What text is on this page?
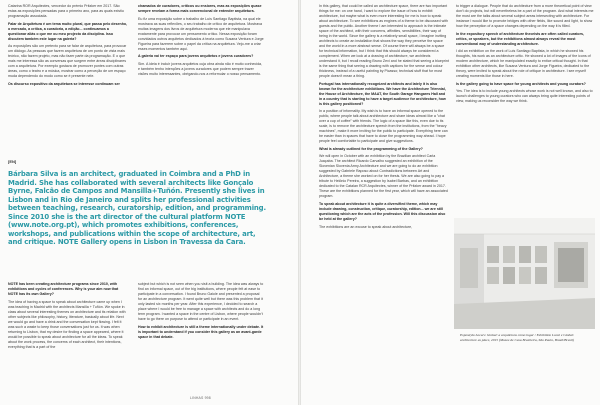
Catarina ROR Arquitectes, vencedor do prémio Pritzker em 2017. São estas as exposições pensadas para o primeiro ano, para as quais existiu programação associada.

Falar de Arquitetura é um tema muito plural, que passa pelo desenho, o mercado, a crítica, a curadoria, a edição... continuamos a questionar aliás o que me ou meu projecto da disciplina. Isso discutem também este lugar na galeria?

As exposições são um pretexto para se falar de arquitetura, para provocar um diálogo. As pessoas que fazem arquitetura de um ponto de vista mais teórico, não fazem projeto, mas não fazer parte da programação. E o que mais me interessa são as conversas que surgem entre áreas disciplinares com a arquitetura. Por exemplo gostava de promover pontes com outras áreas, como o teatro e a música, mostrar como a perceção de um espaço muda dependendo do modo como se é presente nele.

Os discurso expositivo da arquitetura se interesse continuam ser

chamados de curadores, críticos ou ensiores, mas as exposições quase sempre revelam a forma mais convencional de entender arquitetura.

Eu fiz uma exposição sobre o trabalho de Luís Santiago Baptista, na qual ele mostrava as suas reflexões, o seu trabalho de crítico de arquitetura. Mostrava muitas imagens dos livros de arquitetura moderna que ele manipulava exatamente para provocar um pensamento crítico. Nessa exposição foram convidados outros arquitetos dedicados à teoria como Susana Ventura e Jorge Figueira para fazerem sobre o papel da crítica na arquitetura. Vejo-me a criar esses momentos também aqui.

A galeria vai ter espaço para jovens arquitetos e jovens curadores?

Sim. A ideia é incluir jovens arquitetos cuja obra ainda não é muito conhecida, e também tenho intenções a jovens curadores que podem sempre trazer visões muito interessantes, obrigando-nos a reformular o nosso pensamento.

[EN]
Bárbara Silva is an architect, graduated in Coimbra and a PhD in Madrid. She has collaborated with several architects like Gonçalo Byrne, Falcão de Campos and Mansilla+Tuñón. Presently she lives in Lisbon and in Rio de Janeiro and splits her professional activities between teaching, research, curatorship, edition, and programming. Since 2010 she is the art director of the cultural platform NOTE (www.note.org.pt), which promotes exhibitions, conferences, workshops, and publications within the scope of architecture, art, and critique. NOTE Gallery opens in Lisbon in Travessa da Cara.

NOTE has been creating architecture programs since 2010, with exhibitions and cycles of conferences. Why is your aim now that NOTE has its own Gallery?

The idea of having a space to speak about architecture came up when I was teaching in Madrid with the architects Mansilla + Tuñón. We spoke in class about several interesting themes on architecture and its relation with other subjects like philosophy, history, literature, basically about life. Next we would go and have a drink and the conversation kept flowing. I felt it was such a waste to keep those conversations just for us. It was when returning to Lisbon, that my desire for finding a space appeared, where it would be possible to speak about architecture for all the ideas. To speak about the work process, the concerns of each architect, their intentions, everything that is a part of the

subject but which is not seen when you visit a building. The idea was always to find an informal space, out of the big institutions, where people felt at ease to participate in a conversation. I found Bruno Gaiole and presented a proposal for an architecture program. It went quite well but there was this problem that it only lasted six months per year. After this experience, I decided to search a place where I would be free to manage a space with architects and do a long term program. I wanted a space in the centre of Lisbon, where people wouldn't have to go there on purpose to attend or participate in an event.

How to exhibit architecture is still a theme internationally under debate. It is important to understand if you consider this gallery as an avant-garde space in that debate.

LINHAS 998

In this gallery, that could be called an architecture space, there are two important things for me: on one hand, I want to explore the issue of how to exhibit architecture, but maybe what is even more interesting for me is how to speak about architecture. To see exhibitions as engines of a theme to be discussed with guests and the public. Another theme I am interested to approach is the intimate space of the architect, with their concerns, affinities, sensibilities, their way of being in the world. Since the gallery is a relatively small space, I imagine inviting architects to create an installation that shows the way they perceive the space and the world in a more abstract sense. Of course there will always be a space for technical information, but I think that this should always be considered a complement. When we look at a drawing of architecture, we architects understand it, but I recall reading Bruno Zevi and he stated that seeing a blueprint is the same thing that seeing a drawing with captions for the sense and colour thickness, instead of a useful painting by Picasso; technical stuff that for most people doesn't mean a thing.

Portugal has internationally recognized architects and lately it is also known for the architecture exhibitions. We have the Architecture Triennial, the House of Architecture, the MAAT, the South Garage Hangares Hall and in a country that is starting to have a target audience for architecture, how is this gallery positioned?

In a position of informality. My wish is to have an informal space opened to the public, where people talk about architecture and share ideas almost like a "chat over a cup of coffee" with friends. The logic of a space like this, even due to its scale, is to remove the architecture speech from the institutions, from the "heavy machines", make it more inviting for the public to participate. Everything here can be easier than in spaces that have to close the programming way ahead. I hope people feel comfortable to participate and give suggestions.

What is already outlined for the programming of the Gallery?

We will open in October with an exhibition by the Brazilian architect Carla Juaçaba. The architect Ricardo Carvalho suggested an exhibition of the Slovenian Slovenia Army Architecture and we are going to do an exhibition suggested by Gabriele Raposo about Contradictions between Art and Architecture, a theme she worked on for her thesis. We are also going to pay a tribute to Helônio Pereira, a suggestion by Isabel Barbas, and an exhibition dedicated to the Catalan RCR Arquitectes, winner of the Pritzker award in 2017. These are the exhibitions planned for the first year, which will have an associated program.

To speak about architecture it is quite a diversified theme, which may include drawing, construction, critique, curatorship, edition... we are still questioning which are the acts of the profession. Will this discussion also be held at the gallery?

The exhibitions are an excuse to speak about architecture,

to trigger a dialogue. People that do architecture from a more theoretical point of view don't do projects, but will nevertheless be a part of the program. And what interests me the most are the talks about several subject areas intersecting with architecture. For instance I would like to promote bridges with other fields, like sound and light, to show how the perception of a space changes depending on the way it is filled.

In the expository speech of architecture theorists are often called curators, critics, or speakers, but the exhibitions almost always reveal the most conventional way of understanding architecture.

I did an exhibition on the work of Luís Santiago Baptista, in which he showed his thoughts, his work as an architecture critic. He showed a lot of images of the icons of modern architecture, which he manipulated exactly to entice critical thought. In that exhibition other architects, like Susana Ventura and Jorge Figueira, dedicated to the theory, were invited to speak about the role of critique in architecture. I see myself creating moments like those in here.

Is the gallery going to have space for young architects and young curators?

Yes. The idea is to include young architects whose work is not well known, and also to launch challenges to young curators who can always bring quite interesting points of view, making us reconsider the way we think.

Exposição Local e Global: a arquitetura como lugar / Exhibition Local e Global: architecture as place, 2015 (Museu de Casa Brasileira, São Paulo, Brazil/Brasil)
